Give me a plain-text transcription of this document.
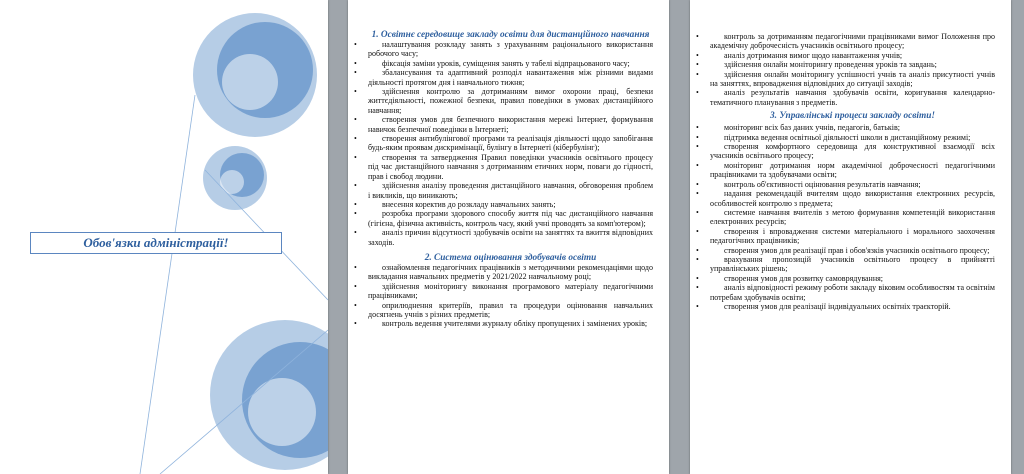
Обов'язки адміністрації!
1. Освітнє середовище закладу освіти для дистанційного навчання
• налаштування розкладу занять з урахуванням раціонального використання робочого часу;
• фіксація заміни уроків, суміщення занять у табелі відпрацьованого часу;
• збалансування та адаптивний розподіл навантаження між різними видами діяльності протягом дня і навчального тижня;
• здійснення контролю за дотриманням вимог охорони праці, безпеки життєдіяльності, пожежної безпеки, правил поведінки в умовах дистанційного навчання;
• створення умов для безпечного використання мережі Інтернет, формування навичок безпечної поведінки в Інтернеті;
• створення антибулінгової програми та реалізація діяльності щодо запобігання будь-яким проявам дискримінації, булінгу в Інтернеті (кібербулінг);
• створення та затвердження Правил поведінки учасників освітнього процесу під час дистанційного навчання з дотриманням етичних норм, поваги до гідності, прав і свобод людини.
• здійснення аналізу проведення дистанційного навчання, обговорення проблем і викликів, що виникають;
• внесення коректив до розкладу навчальних занять;
• розробка програми здорового способу життя під час дистанційного навчання (гігієна, фізична активність, контроль часу, який учні проводять за комп'ютером);
• аналіз причин відсутності здобувачів освіти на заняттях та вжиття відповідних заходів.
2. Система оцінювання здобувачів освіти
• ознайомлення педагогічних працівників з методичними рекомендаціями щодо викладання навчальних предметів у 2021/2022 навчальному році;
• здійснення моніторингу виконання програмового матеріалу педагогічними працівниками;
• оприлюднення критеріїв, правил та процедури оцінювання навчальних досягнень учнів з різних предметів;
• контроль ведення учителями журналу обліку пропущених і замінених уроків;
• контроль за дотриманням педагогічними працівниками вимог Положення про академічну доброчесність учасників освітнього процесу;
• аналіз дотримання вимог щодо навантаження учнів;
• здійснення онлайн моніторингу проведення уроків та завдань;
• здійснення онлайн моніторингу успішності учнів та аналіз присутності учнів на заняттях, впровадження відповідних до ситуації заходів;
• аналіз результатів навчання здобувачів освіти, коригування календарно-тематичного планування з предметів.
3. Управлінські процеси закладу освіти!
• моніторинг всіх баз даних учнів, педагогів, батьків;
• підтримка ведення освітньої діяльності школи в дистанційному режимі;
• створення комфортного середовища для конструктивної взаємодії всіх учасників освітнього процесу;
• моніторинг дотримання норм академічної доброчесності педагогічними працівниками та здобувачами освіти;
• контроль об'єктивності оцінювання результатів навчання;
• надання рекомендацій вчителям щодо використання електронних ресурсів, особливостей контролю з предмета;
• системне навчання вчителів з метою формування компетенцій використання електронних ресурсів;
• створення і впровадження системи матеріального і морального заохочення педагогічних працівників;
• створення умов для реалізації прав і обов'язків учасників освітнього процесу;
• врахування пропозицій учасників освітнього процесу в прийнятті управлінських рішень;
• створення умов для розвитку самоврядування;
• аналіз відповідності режиму роботи закладу віковим особливостям та освітнім потребам здобувачів освіти;
• створення умов для реалізації індивідуальних освітніх траєкторій.
